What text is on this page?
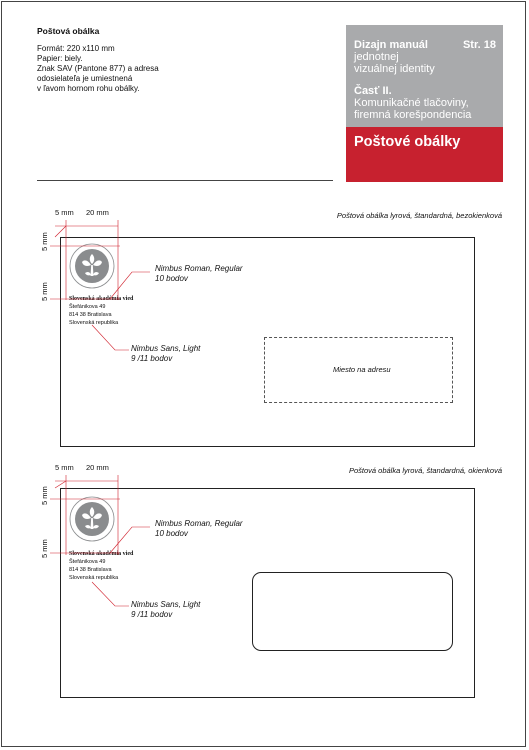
Poštová obálka
Formát: 220 x110 mm
Papier: biely.
Znak SAV (Pantone 877) a adresa
odosielateľa je umiestnená
v ľavom hornom rohu obálky.
Dizajn manuál	Str. 18
jednotnej
vizuálnej identity
Časť II.
Komunikačné tlačoviny,
firemná korešpondencia
Poštové obálky
Poštová obálka lyrová, štandardná, bezokienková
Miesto na adresu
5 mm 20 mm
5 mm
5 mm	Slovenská akadémia vied
Štefánikova 49
814 38 Bratislava
Slovenská republika
Nimbus Roman, Regular
10 bodov
Nimbus Sans, Light
9 /11 bodov
Poštová obálka lyrová, štandardná, okienková
5 mm 20 mm
5 mm
5 mm	Slovenská akadémia vied
Štefánikova 49
814 38 Bratislava
Slovenská republika
Nimbus Roman, Regular
10 bodov
Nimbus Sans, Light
9 /11 bodov
